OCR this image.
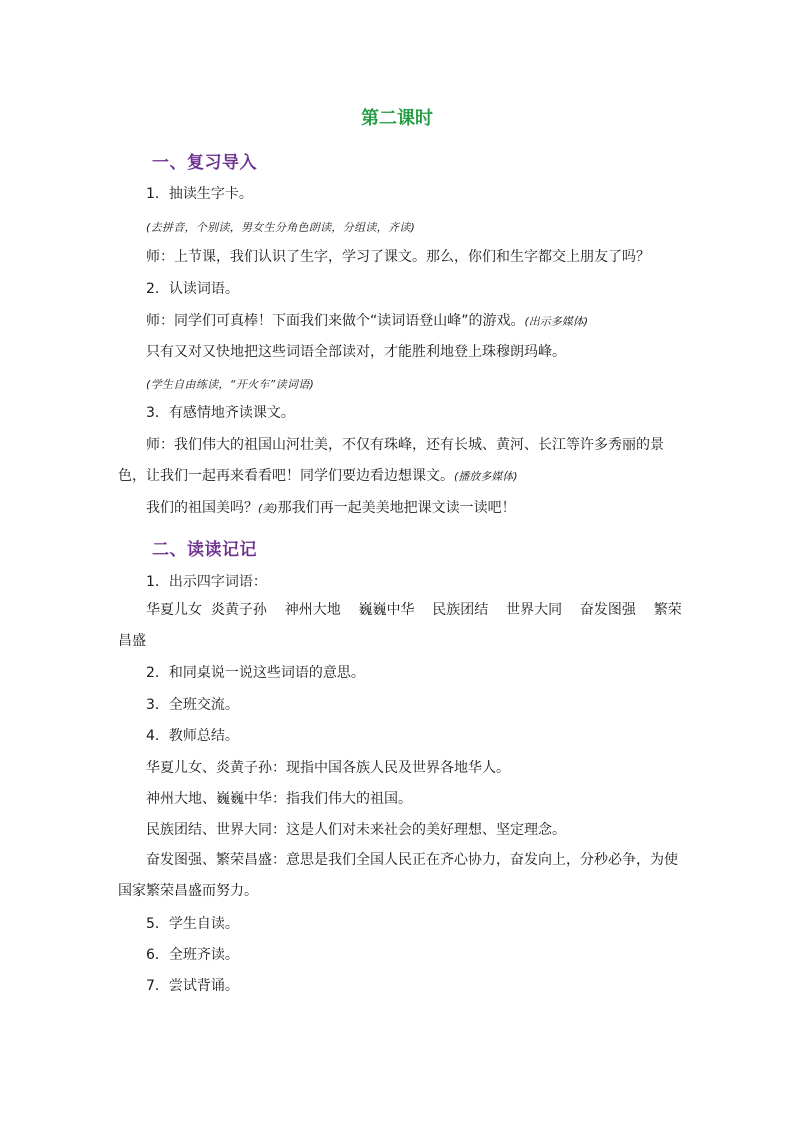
第二课时
一、复习导入
1．抽读生字卡。
(去拼音，个别读，男女生分角色朗读，分组读，齐读)
师：上节课，我们认识了生字，学习了课文。那么，你们和生字都交上朋友了吗？
2．认读词语。
师：同学们可真棒！下面我们来做个“读词语登山峰”的游戏。(出示多媒体)
只有又对又快地把这些词语全部读对，才能胜利地登上珠穆朗玛峰。
(学生自由练读，“开火车”读词语)
3．有感情地齐读课文。
师：我们伟大的祖国山河壮美，不仅有珠峰，还有长城、黄河、长江等许多秀丽的景色，让我们一起再来看看吧！同学们要边看边想课文。(播放多媒体)
我们的祖国美吗？(美)那我们再一起美美地把课文读一读吧！
二、读读记记
1．出示四字词语：
华夏儿女  炎黄子孙    神州大地    巍巍中华    民族团结    世界大同    奋发图强    繁荣昌盛
2．和同桌说一说这些词语的意思。
3．全班交流。
4．教师总结。
华夏儿女、炎黄子孙：现指中国各族人民及世界各地华人。
神州大地、巍巍中华：指我们伟大的祖国。
民族团结、世界大同：这是人们对未来社会的美好理想、坚定理念。
奋发图强、繁荣昌盛：意思是我们全国人民正在齐心协力，奋发向上，分秒必争，为使国家繁荣昌盛而努力。
5．学生自读。
6．全班齐读。
7．尝试背诵。
